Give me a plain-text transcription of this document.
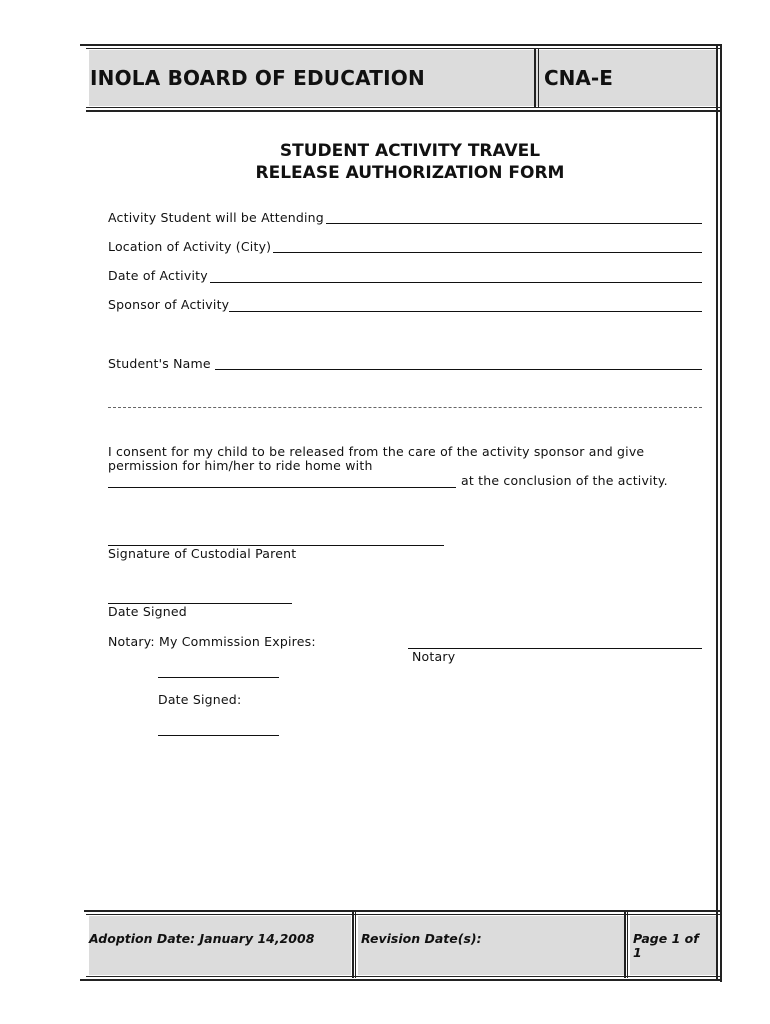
INOLA BOARD OF EDUCATION	CNA-E
STUDENT ACTIVITY TRAVEL
RELEASE AUTHORIZATION FORM
Activity Student will be Attending
Location of Activity (City)
Date of Activity
Sponsor of Activity
Student's Name
I consent for my child to be released from the care of the activity sponsor and give
permission for him/her to ride home with
at the conclusion of the activity.
Signature of Custodial Parent
Date Signed
Notary: My Commission Expires:
Notary
Date Signed:
Adoption Date: January 14,2008	Revision Date(s):	Page 1 of
1
